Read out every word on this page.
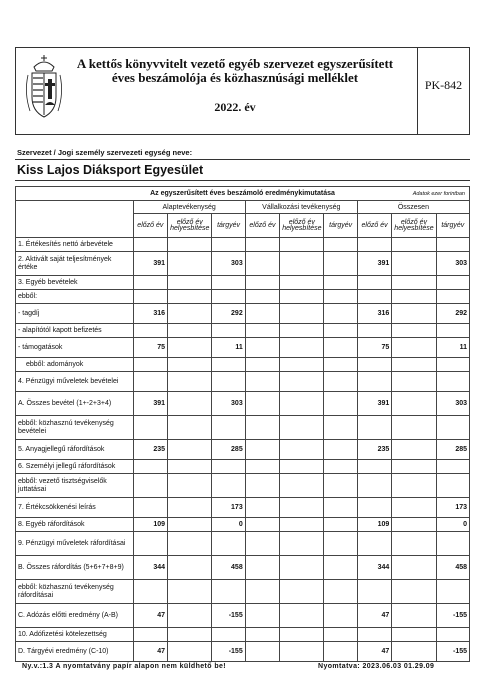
A kettős könyvvitelt vezető egyéb szervezet egyszerűsített
éves beszámolója és közhasznúsági melléklet
2022. év
PK-842
Szervezet / Jogi személy szervezeti egység neve:
Kiss Lajos Diáksport Egyesület
Az egyszerűsített éves beszámoló eredménykimutatása Adatok ezer forintban									

	Alaptevékenység			Vállalkozási tevékenység			Összesen		
	előző év	előző év helyesbítése	tárgyév	előző év	előző év helyesbítése	tárgyév	előző év	előző év helyesbítése	tárgyév
1. Értékesítés nettó árbevétele									
2. Aktivált saját teljesítmények értéke	391		303				391		303
3. Egyéb bevételek									
ebből:									
- tagdíj	316		292				316		292
- alapítótól kapott befizetés									
- támogatások	75		11				75		11
ebből: adományok									
4. Pénzügyi műveletek bevételei									
A. Összes bevétel (1+-2+3+4)	391		303				391		303
ebből: közhasznú tevékenység bevételei									
5. Anyagjellegű ráfordítások	235		285				235		285
6. Személyi jellegű ráfordítások									
ebből: vezető tisztségviselők juttatásai									
7. Értékcsökkenési leírás			173						173
8. Egyéb ráfordítások	109		0				109		0
9. Pénzügyi műveletek ráfordításai									
B. Összes ráfordítás (5+6+7+8+9)	344		458				344		458
ebből: közhasznú tevékenység ráfordításai									
C. Adózás előtti eredmény (A-B)	47		-155				47		-155
10. Adófizetési kötelezettség									
D. Tárgyévi eredmény (C-10)	47		-155				47		-155
Ny.v.:1.3 A nyomtatvány papír alapon nem küldhető be!	Nyomtatva: 2023.06.03 01.29.09
